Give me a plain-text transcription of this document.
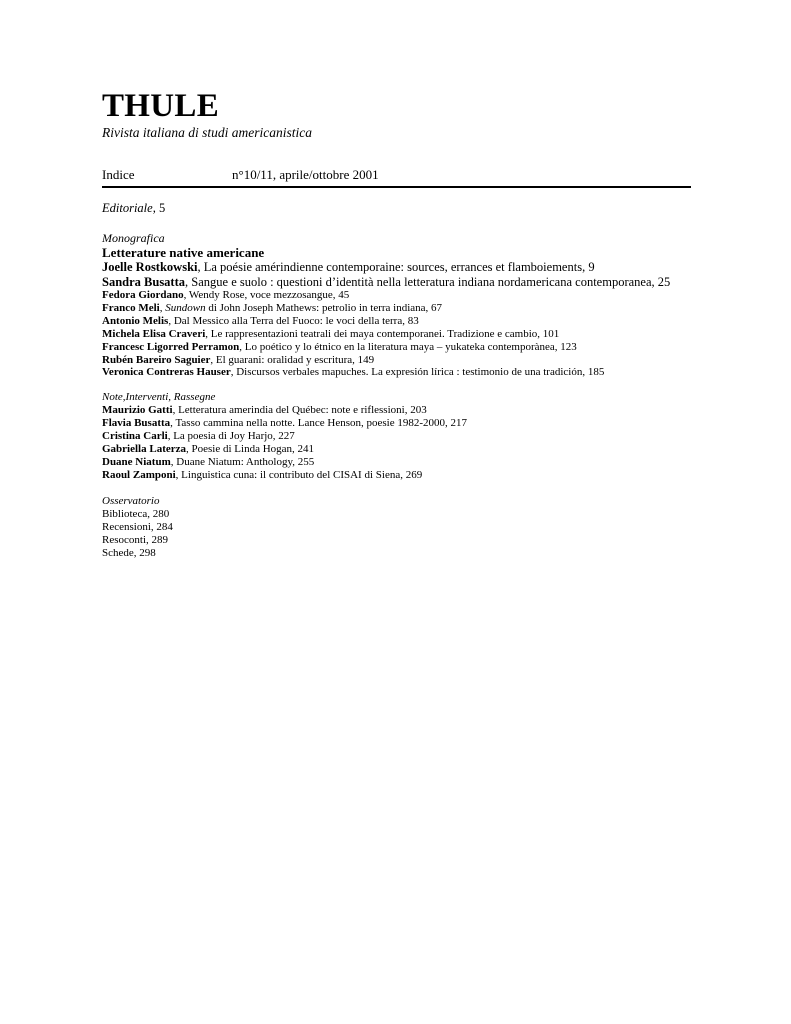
THULE
Rivista italiana di studi americanistica
Indice	n°10/11, aprile/ottobre 2001
Editoriale, 5
Monografica
Letterature native americane
Joelle Rostkowski, La poésie amérindienne contemporaine: sources, errances et flamboiements, 9
Sandra Busatta, Sangue e suolo : questioni d’identità nella letteratura indiana nordamericana contemporanea, 25
Fedora Giordano, Wendy Rose, voce mezzosangue, 45
Franco Meli, Sundown di John Joseph Mathews: petrolio in terra indiana, 67
Antonio Melis, Dal Messico alla Terra del Fuoco: le voci della terra, 83
Michela Elisa Craveri, Le rappresentazioni teatrali dei maya contemporanei. Tradizione e cambio, 101
Francesc Ligorred Perramon, Lo poético y lo étnico en la literatura maya – yukateka contemporànea, 123
Rubén Bareiro Saguier, El guarani: oralidad y escritura, 149
Veronica Contreras Hauser, Discursos verbales mapuches. La expresión lírica : testimonio de una tradición, 185
Note,Interventi, Rassegne
Maurizio Gatti, Letteratura amerindia del Québec: note e riflessioni, 203
Flavia Busatta, Tasso cammina nella notte. Lance Henson, poesie 1982-2000, 217
Cristina Carli, La poesia di Joy Harjo, 227
Gabriella Laterza, Poesie di Linda Hogan, 241
Duane Niatum, Duane Niatum: Anthology, 255
Raoul Zamponi, Linguistica cuna: il contributo del CISAI di Siena, 269
Osservatorio
Biblioteca, 280
Recensioni, 284
Resoconti, 289
Schede, 298
